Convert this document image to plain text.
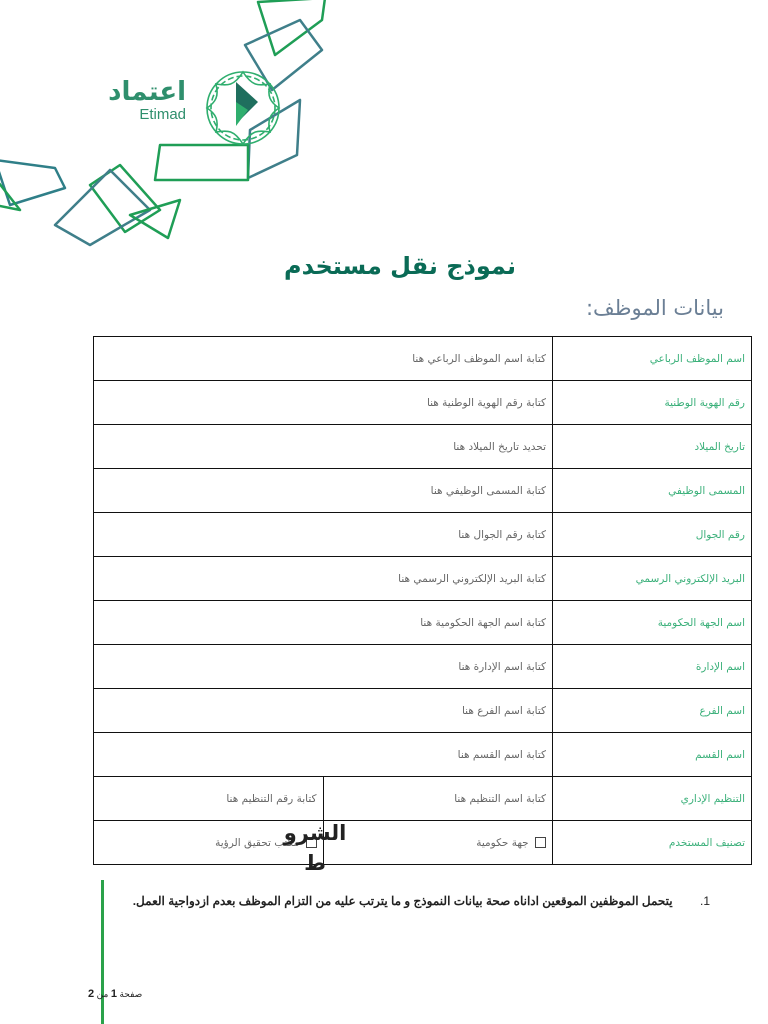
اعتماد
Etimad
نموذج نقل مستخدم
بيانات الموظف:
اسم الموظف الرباعي	كتابة اسم الموظف الرباعي هنا	
رقم الهوية الوطنية	كتابة رقم الهوية الوطنية هنا	
تاريخ الميلاد	تحديد تاريخ الميلاد هنا	
المسمى الوظيفي	كتابة المسمى الوظيفي هنا	
رقم الجوال	كتابة رقم الجوال هنا	
البريد الإلكتروني الرسمي	كتابة البريد الإلكتروني الرسمي هنا	
اسم الجهة الحكومية	كتابة اسم الجهة الحكومية هنا	
اسم الإدارة	كتابة اسم الإدارة هنا	
اسم الفرع	كتابة اسم الفرع هنا	
اسم القسم	كتابة اسم القسم هنا	
التنظيم الإداري	كتابة اسم التنظيم هنا	كتابة رقم التنظيم هنا
تصنيف المستخدم	جهة حكومية	مكتب تحقيق الرؤية
الشرو ط
1. يتحمل الموظفين الموقعين اداناه صحة بيانات النموذج و ما يترتب عليه من التزام الموظف بعدم ازدواجية العمل.
صفحة 1 من 2
